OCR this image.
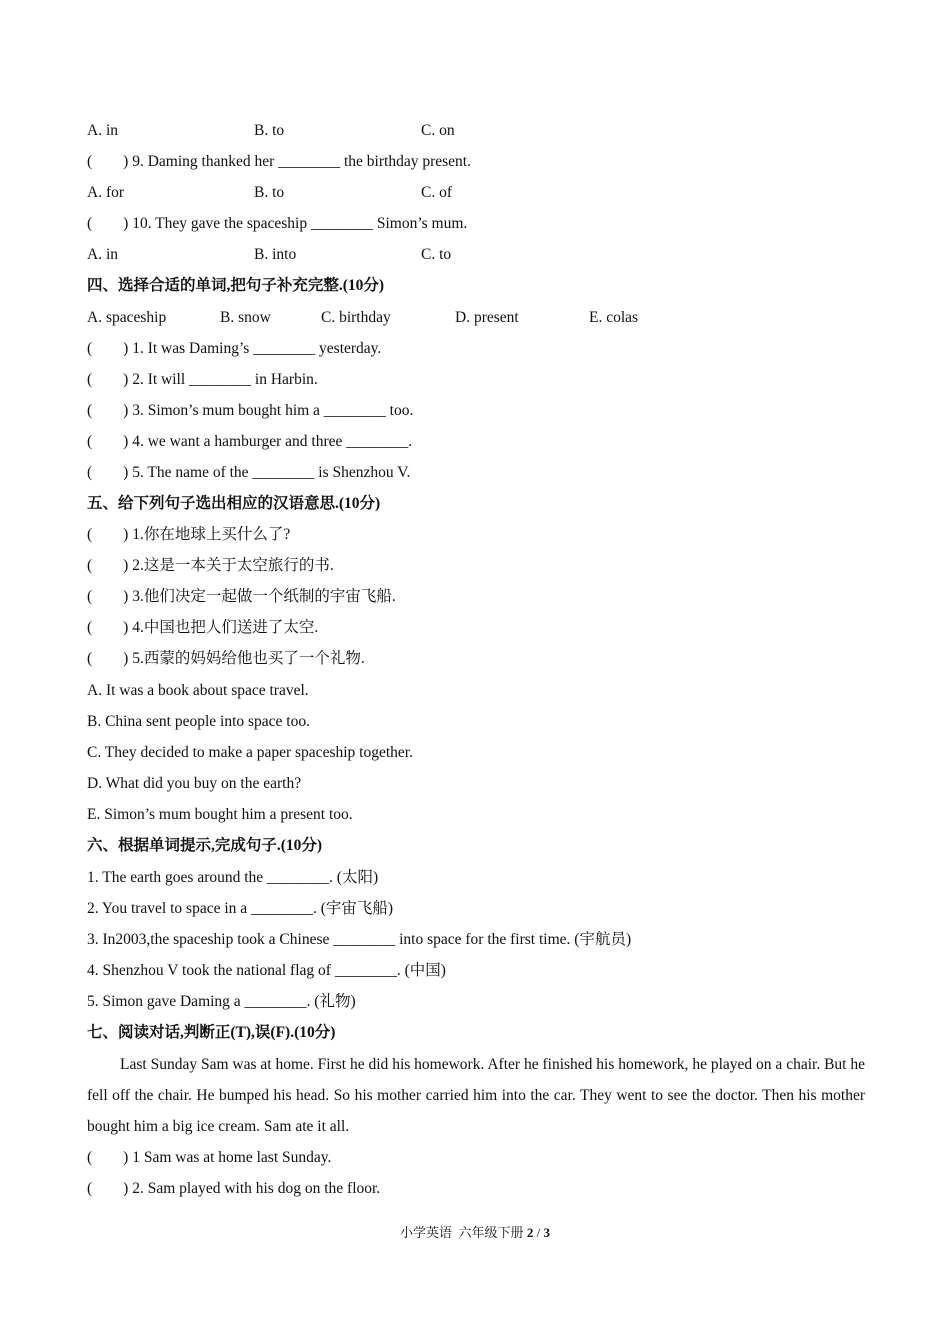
A. in	B. to	C. on
(        ) 9. Daming thanked her ________ the birthday present.
A. for	B. to	C. of
(        ) 10. They gave the spaceship ________ Simon’s mum.
A. in	B. into	C. to
四、选择合适的单词,把句子补充完整.(10分)
A. spaceship	B. snow	C. birthday	D. present	E. colas
(        ) 1. It was Daming’s ________ yesterday.
(        ) 2. It will ________ in Harbin.
(        ) 3. Simon’s mum bought him a ________ too.
(        ) 4. we want a hamburger and three ________.
(        ) 5. The name of the ________ is Shenzhou V.
五、给下列句子选出相应的汉语意思.(10分)
(        ) 1.你在地球上买什么了?
(        ) 2.这是一本关于太空旅行的书.
(        ) 3.他们决定一起做一个纸制的宇宙飞船.
(        ) 4.中国也把人们送进了太空.
(        ) 5.西蒙的妈妈给他也买了一个礼物.
A. It was a book about space travel.
B. China sent people into space too.
C. They decided to make a paper spaceship together.
D. What did you buy on the earth?
E. Simon’s mum bought him a present too.
六、根据单词提示,完成句子.(10分)
1. The earth goes around the ________. (太阳)
2. You travel to space in a ________. (宇宙飞船)
3. In2003,the spaceship took a Chinese ________ into space for the first time. (宇航员)
4. Shenzhou V took the national flag of ________. (中国)
5. Simon gave Daming a ________. (礼物)
七、阅读对话,判断正(T),误(F).(10分)
Last Sunday Sam was at home. First he did his homework. After he finished his homework, he played on a chair. But he fell off the chair. He bumped his head. So his mother carried him into the car. They went to see the doctor. Then his mother bought him a big ice cream. Sam ate it all.
(        ) 1 Sam was at home last Sunday.
(        ) 2. Sam played with his dog on the floor.
小学英语  六年级下册 2 / 3
